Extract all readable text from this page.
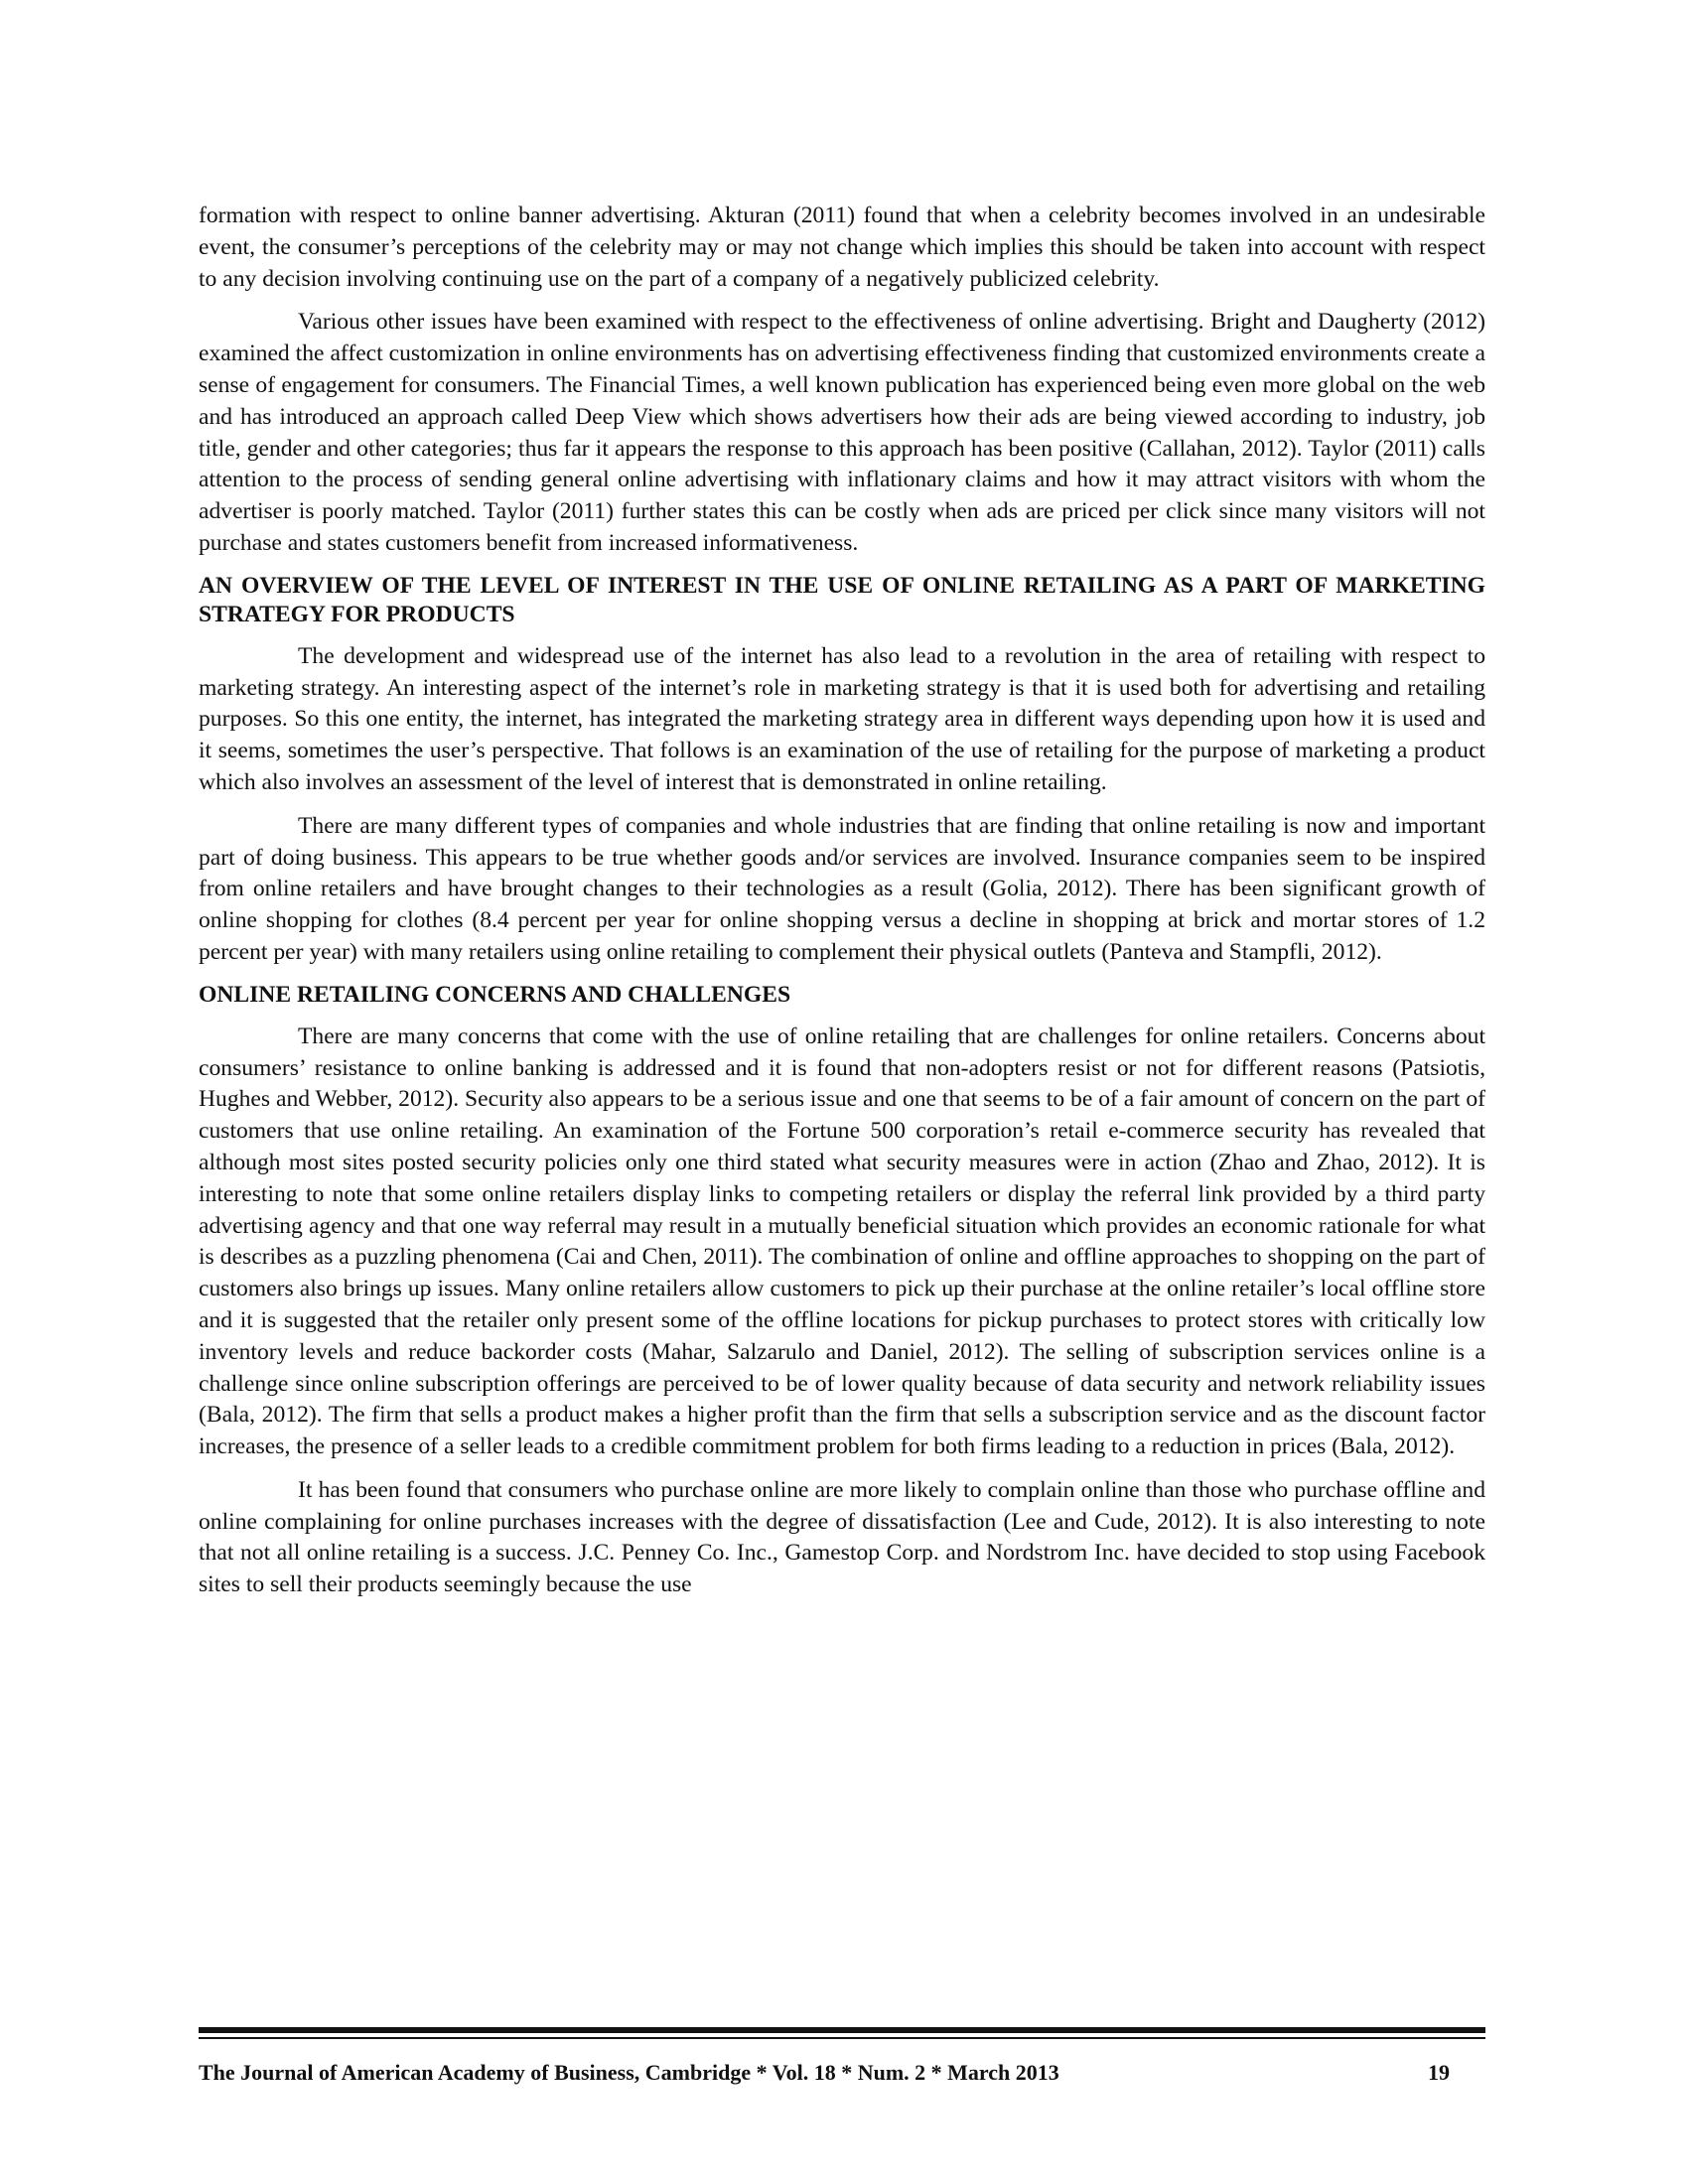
formation with respect to online banner advertising. Akturan (2011) found that when a celebrity becomes involved in an undesirable event, the consumer’s perceptions of the celebrity may or may not change which implies this should be taken into account with respect to any decision involving continuing use on the part of a company of a negatively publicized celebrity.

Various other issues have been examined with respect to the effectiveness of online advertising. Bright and Daugherty (2012) examined the affect customization in online environments has on advertising effectiveness finding that customized environments create a sense of engagement for consumers. The Financial Times, a well known publication has experienced being even more global on the web and has introduced an approach called Deep View which shows advertisers how their ads are being viewed according to industry, job title, gender and other categories; thus far it appears the response to this approach has been positive (Callahan, 2012). Taylor (2011) calls attention to the process of sending general online advertising with inflationary claims and how it may attract visitors with whom the advertiser is poorly matched. Taylor (2011) further states this can be costly when ads are priced per click since many visitors will not purchase and states customers benefit from increased informativeness.

AN OVERVIEW OF THE LEVEL OF INTEREST IN THE USE OF ONLINE RETAILING AS A PART OF MARKETING STRATEGY FOR PRODUCTS

The development and widespread use of the internet has also lead to a revolution in the area of retailing with respect to marketing strategy. An interesting aspect of the internet’s role in marketing strategy is that it is used both for advertising and retailing purposes. So this one entity, the internet, has integrated the marketing strategy area in different ways depending upon how it is used and it seems, sometimes the user’s perspective. That follows is an examination of the use of retailing for the purpose of marketing a product which also involves an assessment of the level of interest that is demonstrated in online retailing.

There are many different types of companies and whole industries that are finding that online retailing is now and important part of doing business. This appears to be true whether goods and/or services are involved. Insurance companies seem to be inspired from online retailers and have brought changes to their technologies as a result (Golia, 2012). There has been significant growth of online shopping for clothes (8.4 percent per year for online shopping versus a decline in shopping at brick and mortar stores of 1.2 percent per year) with many retailers using online retailing to complement their physical outlets (Panteva and Stampfli, 2012).

ONLINE RETAILING CONCERNS AND CHALLENGES

There are many concerns that come with the use of online retailing that are challenges for online retailers. Concerns about consumers’ resistance to online banking is addressed and it is found that non-adopters resist or not for different reasons (Patsiotis, Hughes and Webber, 2012). Security also appears to be a serious issue and one that seems to be of a fair amount of concern on the part of customers that use online retailing. An examination of the Fortune 500 corporation’s retail e-commerce security has revealed that although most sites posted security policies only one third stated what security measures were in action (Zhao and Zhao, 2012). It is interesting to note that some online retailers display links to competing retailers or display the referral link provided by a third party advertising agency and that one way referral may result in a mutually beneficial situation which provides an economic rationale for what is describes as a puzzling phenomena (Cai and Chen, 2011). The combination of online and offline approaches to shopping on the part of customers also brings up issues. Many online retailers allow customers to pick up their purchase at the online retailer’s local offline store and it is suggested that the retailer only present some of the offline locations for pickup purchases to protect stores with critically low inventory levels and reduce backorder costs (Mahar, Salzarulo and Daniel, 2012). The selling of subscription services online is a challenge since online subscription offerings are perceived to be of lower quality because of data security and network reliability issues (Bala, 2012). The firm that sells a product makes a higher profit than the firm that sells a subscription service and as the discount factor increases, the presence of a seller leads to a credible commitment problem for both firms leading to a reduction in prices (Bala, 2012).

It has been found that consumers who purchase online are more likely to complain online than those who purchase offline and online complaining for online purchases increases with the degree of dissatisfaction (Lee and Cude, 2012). It is also interesting to note that not all online retailing is a success. J.C. Penney Co. Inc., Gamestop Corp. and Nordstrom Inc. have decided to stop using Facebook sites to sell their products seemingly because the use

The Journal of American Academy of Business, Cambridge * Vol. 18 * Num. 2 * March 2013	19
